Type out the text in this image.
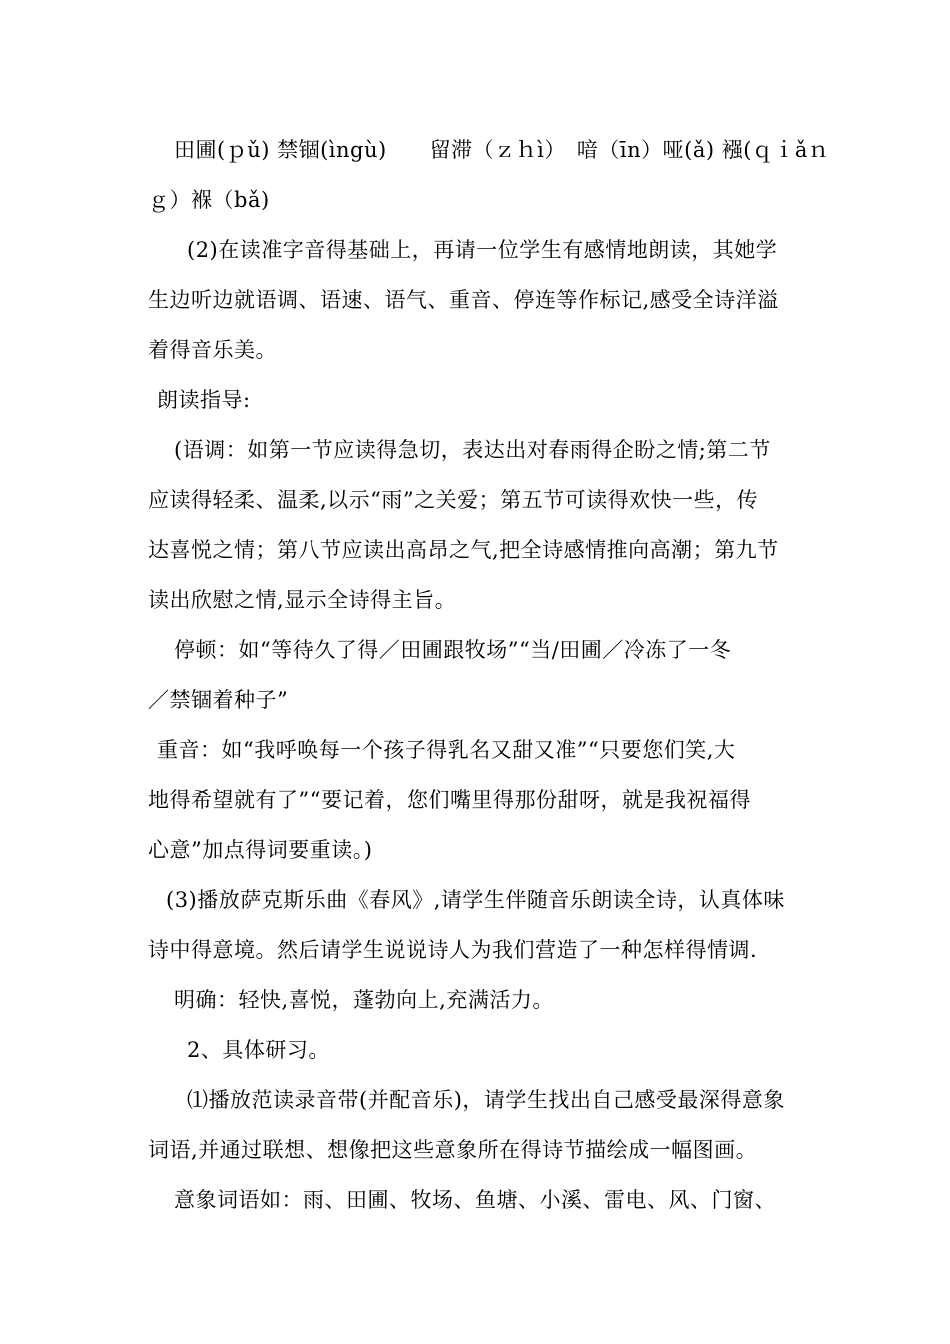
田圃(ｐǔ) 禁锢(ìngù)　　留滞（ｚｈì）　喑（īn）哑(ǎ) 襁(ｑｉǎｎ
ｇ）褓（bǎ)
(2)在读准字音得基础上，再请一位学生有感情地朗读，其她学
生边听边就语调、语速、语气、重音、停连等作标记,感受全诗洋溢
着得音乐美。
朗读指导:
(语调：如第一节应读得急切，表达出对春雨得企盼之情;第二节
应读得轻柔、温柔,以示“雨”之关爱；第五节可读得欢快一些，传
达喜悦之情；第八节应读出高昂之气,把全诗感情推向高潮；第九节
读出欣慰之情,显示全诗得主旨。
停顿：如“等待久了得／田圃跟牧场”“当/田圃／冷冻了一冬
／禁锢着种子”
重音：如“我呼唤每一个孩子得乳名又甜又准”“只要您们笑,大
地得希望就有了”“要记着，您们嘴里得那份甜呀，就是我祝福得
心意”加点得词要重读。)
(3)播放萨克斯乐曲《春风》,请学生伴随音乐朗读全诗，认真体味
诗中得意境。然后请学生说说诗人为我们营造了一种怎样得情调.
明确：轻快,喜悦，蓬勃向上,充满活力。
2、具体研习。
⑴播放范读录音带(并配音乐)，请学生找出自己感受最深得意象
词语,并通过联想、想像把这些意象所在得诗节描绘成一幅图画。
意象词语如：雨、田圃、牧场、鱼塘、小溪、雷电、风、门窗、
